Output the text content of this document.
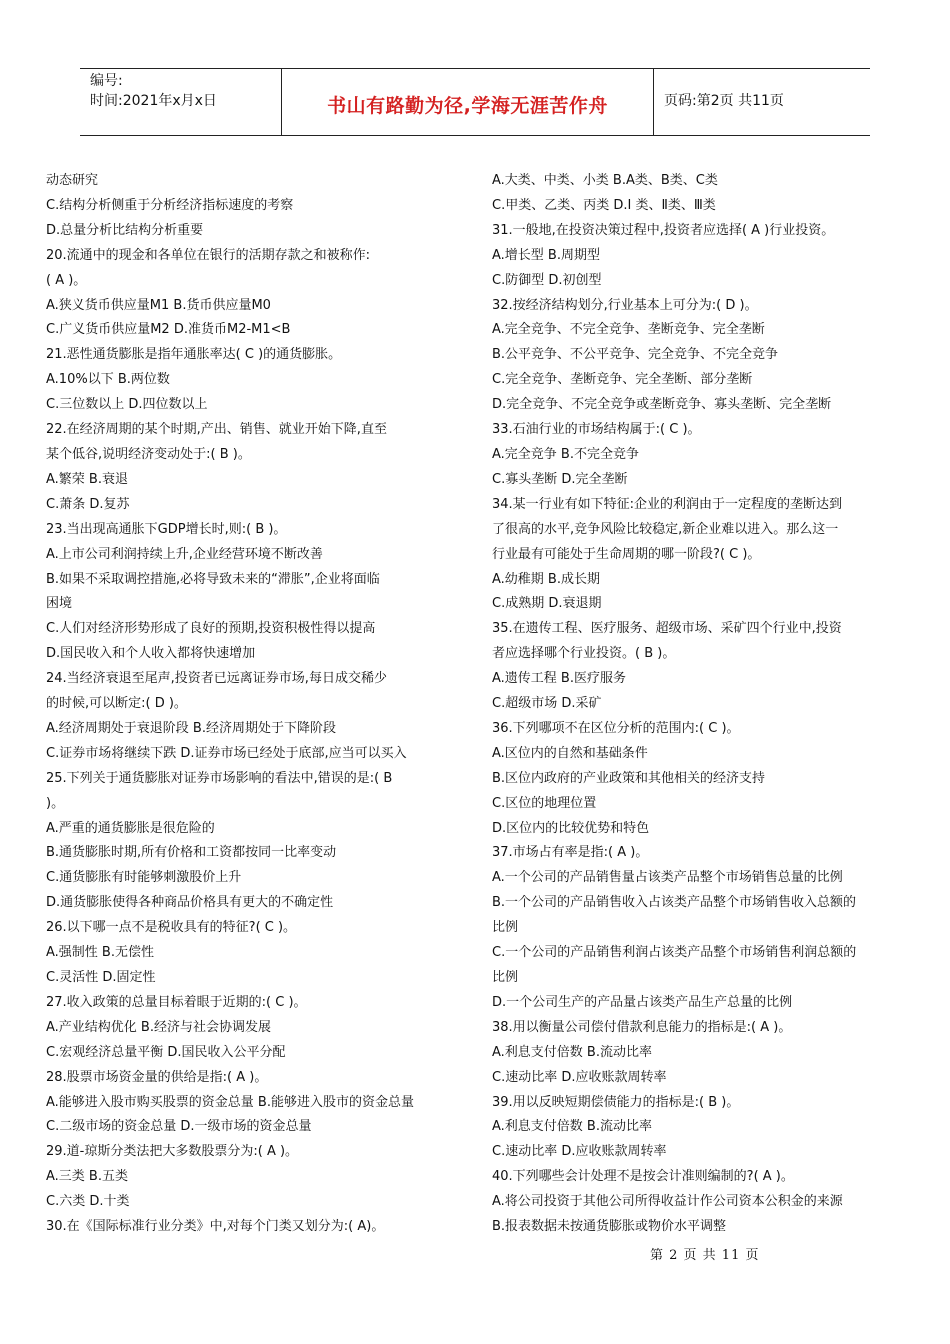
编号:
时间:2021年x月x日	书山有路勤为径,学海无涯苦作舟	页码:第2页 共11页
动态研究
C.结构分析侧重于分析经济指标速度的考察
D.总量分析比结构分析重要
20.流通中的现金和各单位在银行的活期存款之和被称作:
( A )。
A.狭义货币供应量M1 B.货币供应量M0
C.广义货币供应量M2 D.准货币M2-M1<B
21.恶性通货膨胀是指年通胀率达( C )的通货膨胀。
A.10%以下 B.两位数
C.三位数以上 D.四位数以上
22.在经济周期的某个时期,产出、销售、就业开始下降,直至
某个低谷,说明经济变动处于:( B )。
A.繁荣 B.衰退
C.萧条 D.复苏
23.当出现高通胀下GDP增长时,则:( B )。
A.上市公司利润持续上升,企业经营环境不断改善
B.如果不采取调控措施,必将导致未来的“滞胀”,企业将面临
困境
C.人们对经济形势形成了良好的预期,投资积极性得以提高
D.国民收入和个人收入都将快速增加
24.当经济衰退至尾声,投资者已远离证券市场,每日成交稀少
的时候,可以断定:( D )。
A.经济周期处于衰退阶段 B.经济周期处于下降阶段
C.证券市场将继续下跌 D.证券市场已经处于底部,应当可以买入
25.下列关于通货膨胀对证券市场影响的看法中,错误的是:( B
)。
A.严重的通货膨胀是很危险的
B.通货膨胀时期,所有价格和工资都按同一比率变动
C.通货膨胀有时能够刺激股价上升
D.通货膨胀使得各种商品价格具有更大的不确定性
26.以下哪一点不是税收具有的特征?( C )。
A.强制性 B.无偿性
C.灵活性 D.固定性
27.收入政策的总量目标着眼于近期的:( C )。
A.产业结构优化 B.经济与社会协调发展
C.宏观经济总量平衡 D.国民收入公平分配
28.股票市场资金量的供给是指:( A )。
A.能够进入股市购买股票的资金总量 B.能够进入股市的资金总量
C.二级市场的资金总量 D.一级市场的资金总量
29.道-琼斯分类法把大多数股票分为:( A )。
A.三类 B.五类
C.六类 D.十类
30.在《国际标准行业分类》中,对每个门类又划分为:( A)。
A.大类、中类、小类 B.A类、B类、C类
C.甲类、乙类、丙类 D.Ⅰ 类、Ⅱ类、Ⅲ类
31.一般地,在投资决策过程中,投资者应选择( A )行业投资。
A.增长型 B.周期型
C.防御型 D.初创型
32.按经济结构划分,行业基本上可分为:( D )。
A.完全竞争、不完全竞争、垄断竞争、完全垄断
B.公平竞争、不公平竞争、完全竞争、不完全竞争
C.完全竞争、垄断竞争、完全垄断、部分垄断
D.完全竞争、不完全竞争或垄断竞争、寡头垄断、完全垄断
33.石油行业的市场结构属于:( C )。
A.完全竞争 B.不完全竞争
C.寡头垄断 D.完全垄断
34.某一行业有如下特征:企业的利润由于一定程度的垄断达到
了很高的水平,竞争风险比较稳定,新企业难以进入。那么这一
行业最有可能处于生命周期的哪一阶段?( C )。
A.幼稚期 B.成长期
C.成熟期 D.衰退期
35.在遗传工程、医疗服务、超级市场、采矿四个行业中,投资
者应选择哪个行业投资。( B )。
A.遗传工程 B.医疗服务
C.超级市场 D.采矿
36.下列哪项不在区位分析的范围内:( C )。
A.区位内的自然和基础条件
B.区位内政府的产业政策和其他相关的经济支持
C.区位的地理位置
D.区位内的比较优势和特色
37.市场占有率是指:( A )。
A.一个公司的产品销售量占该类产品整个市场销售总量的比例
B.一个公司的产品销售收入占该类产品整个市场销售收入总额的
比例
C.一个公司的产品销售利润占该类产品整个市场销售利润总额的
比例
D.一个公司生产的产品量占该类产品生产总量的比例
38.用以衡量公司偿付借款利息能力的指标是:( A )。
A.利息支付倍数 B.流动比率
C.速动比率 D.应收账款周转率
39.用以反映短期偿债能力的指标是:( B )。
A.利息支付倍数 B.流动比率
C.速动比率 D.应收账款周转率
40.下列哪些会计处理不是按会计准则编制的?( A )。
A.将公司投资于其他公司所得收益计作公司资本公积金的来源
B.报表数据未按通货膨胀或物价水平调整
第 2 页 共 11 页
